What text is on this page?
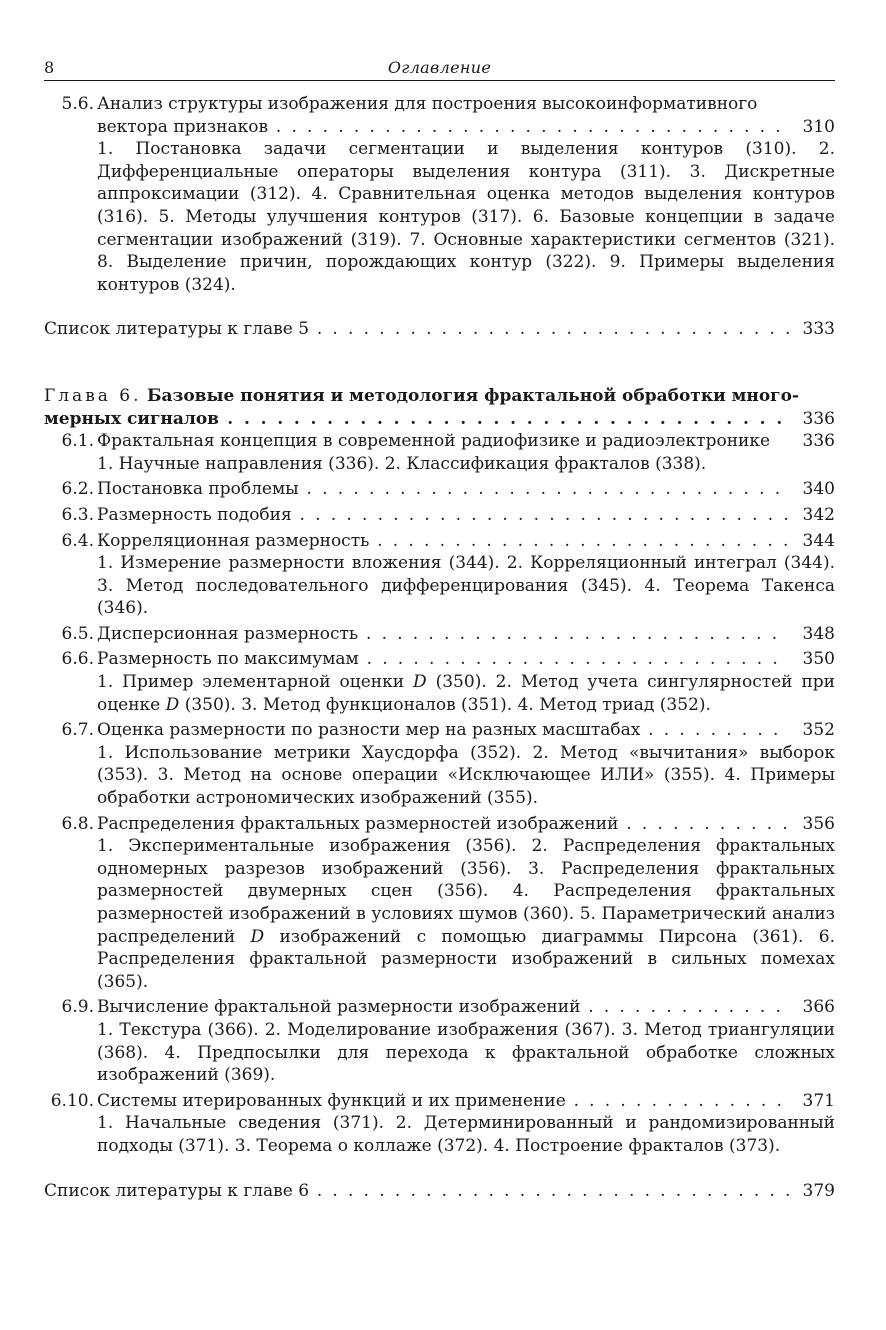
8	Оглавление
5.6. Анализ структуры изображения для построения высокоинформативного
вектора признаков . . .	310
1. Постановка задачи сегментации и выделения контуров (310). 2. Дифференциальные операторы выделения контура (311). 3. Дискретные аппроксимации (312). 4. Сравнительная оценка методов выделения контуров (316). 5. Методы улучшения контуров (317). 6. Базовые концепции в задаче сегментации изображений (319). 7. Основные характеристики сегментов (321). 8. Выделение причин, порождающих контур (322). 9. Примеры выделения контуров (324).
Список литературы к главе 5 . . .	333
Глава 6. Базовые понятия и методология фрактальной обработки много-
мерных сигналов . . .	336
6.1. Фрактальная концепция в современной радиофизике и радиоэлектронике	336
1. Научные направления (336). 2. Классификация фракталов (338).
6.2. Постановка проблемы . . .	340
6.3. Размерность подобия . . .	342
6.4. Корреляционная размерность . . .	344
1. Измерение размерности вложения (344). 2. Корреляционный интеграл (344). 3. Метод последовательного дифференцирования (345). 4. Теорема Такенса (346).
6.5. Дисперсионная размерность . . .	348
6.6. Размерность по максимумам . . .	350
1. Пример элементарной оценки D (350). 2. Метод учета сингулярностей при оценке D (350). 3. Метод функционалов (351). 4. Метод триад (352).
6.7. Оценка размерности по разности мер на разных масштабах . . .	352
1. Использование метрики Хаусдорфа (352). 2. Метод «вычитания» выборок (353). 3. Метод на основе операции «Исключающее ИЛИ» (355). 4. Примеры обработки астрономических изображений (355).
6.8. Распределения фрактальных размерностей изображений . . .	356
1. Экспериментальные изображения (356). 2. Распределения фрактальных одномерных разрезов изображений (356). 3. Распределения фрактальных размерностей двумерных сцен (356). 4. Распределения фрактальных размерностей изображений в условиях шумов (360). 5. Параметрический анализ распределений D изображений с помощью диаграммы Пирсона (361). 6. Распределения фрактальной размерности изображений в сильных помехах (365).
6.9. Вычисление фрактальной размерности изображений . . .	366
1. Текстура (366). 2. Моделирование изображения (367). 3. Метод триангуляции (368). 4. Предпосылки для перехода к фрактальной обработке сложных изображений (369).
6.10. Системы итерированных функций и их применение . . .	371
1. Начальные сведения (371). 2. Детерминированный и рандомизированный подходы (371). 3. Теорема о коллаже (372). 4. Построение фракталов (373).
Список литературы к главе 6 . . .	379
